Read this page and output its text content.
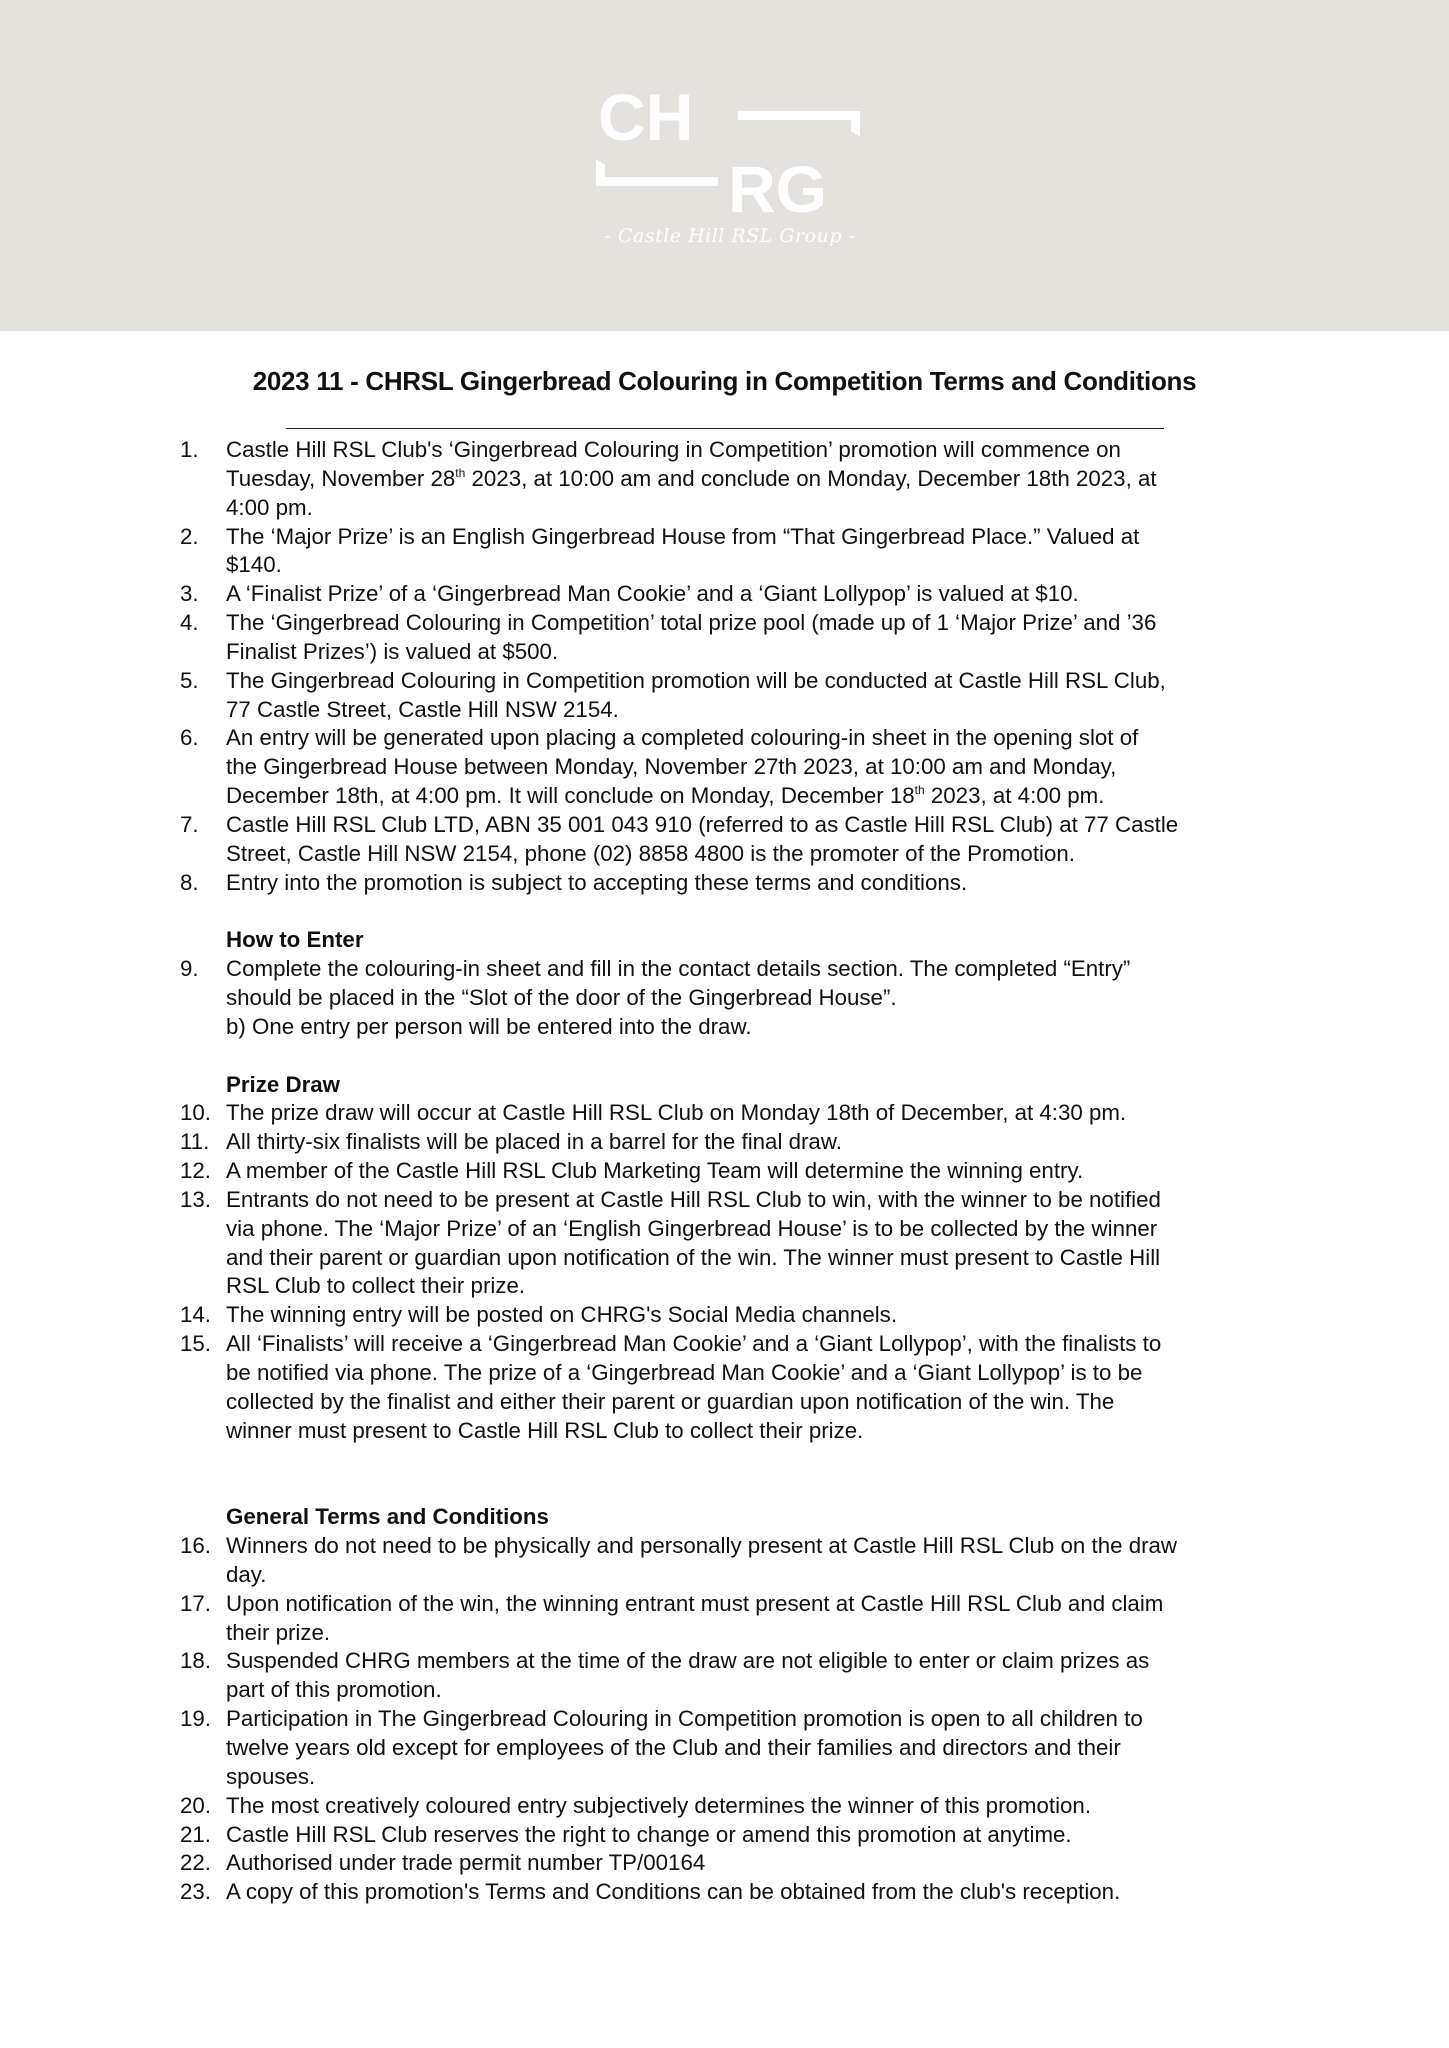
CH
RG
- Castle Hill RSL Group -
2023 11 - CHRSL Gingerbread Colouring in Competition Terms and Conditions
1. Castle Hill RSL Club's ‘Gingerbread Colouring in Competition’ promotion will commence on
Tuesday, November 28th 2023, at 10:00 am and conclude on Monday, December 18th 2023, at
4:00 pm.
2. The ‘Major Prize’ is an English Gingerbread House from “That Gingerbread Place.” Valued at
$140.
3. A ‘Finalist Prize’ of a ‘Gingerbread Man Cookie’ and a ‘Giant Lollypop’ is valued at $10.
4. The ‘Gingerbread Colouring in Competition’ total prize pool (made up of 1 ‘Major Prize’ and ’36
Finalist Prizes’) is valued at $500.
5. The Gingerbread Colouring in Competition promotion will be conducted at Castle Hill RSL Club,
77 Castle Street, Castle Hill NSW 2154.
6. An entry will be generated upon placing a completed colouring-in sheet in the opening slot of
the Gingerbread House between Monday, November 27th 2023, at 10:00 am and Monday,
December 18th, at 4:00 pm. It will conclude on Monday, December 18th 2023, at 4:00 pm.
7. Castle Hill RSL Club LTD, ABN 35 001 043 910 (referred to as Castle Hill RSL Club) at 77 Castle
Street, Castle Hill NSW 2154, phone (02) 8858 4800 is the promoter of the Promotion.
8. Entry into the promotion is subject to accepting these terms and conditions.
How to Enter
9. Complete the colouring-in sheet and fill in the contact details section. The completed “Entry”
should be placed in the “Slot of the door of the Gingerbread House”.
b) One entry per person will be entered into the draw.
Prize Draw
10. The prize draw will occur at Castle Hill RSL Club on Monday 18th of December, at 4:30 pm.
11. All thirty-six finalists will be placed in a barrel for the final draw.
12. A member of the Castle Hill RSL Club Marketing Team will determine the winning entry.
13. Entrants do not need to be present at Castle Hill RSL Club to win, with the winner to be notified
via phone. The ‘Major Prize’ of an ‘English Gingerbread House’ is to be collected by the winner
and their parent or guardian upon notification of the win. The winner must present to Castle Hill
RSL Club to collect their prize.
14. The winning entry will be posted on CHRG's Social Media channels.
15. All ‘Finalists’ will receive a ‘Gingerbread Man Cookie’ and a ‘Giant Lollypop’, with the finalists to
be notified via phone. The prize of a ‘Gingerbread Man Cookie’ and a ‘Giant Lollypop’ is to be
collected by the finalist and either their parent or guardian upon notification of the win. The
winner must present to Castle Hill RSL Club to collect their prize.
General Terms and Conditions
16. Winners do not need to be physically and personally present at Castle Hill RSL Club on the draw
day.
17. Upon notification of the win, the winning entrant must present at Castle Hill RSL Club and claim
their prize.
18. Suspended CHRG members at the time of the draw are not eligible to enter or claim prizes as
part of this promotion.
19. Participation in The Gingerbread Colouring in Competition promotion is open to all children to
twelve years old except for employees of the Club and their families and directors and their
spouses.
20. The most creatively coloured entry subjectively determines the winner of this promotion.
21. Castle Hill RSL Club reserves the right to change or amend this promotion at anytime.
22. Authorised under trade permit number TP/00164
23. A copy of this promotion's Terms and Conditions can be obtained from the club's reception.
